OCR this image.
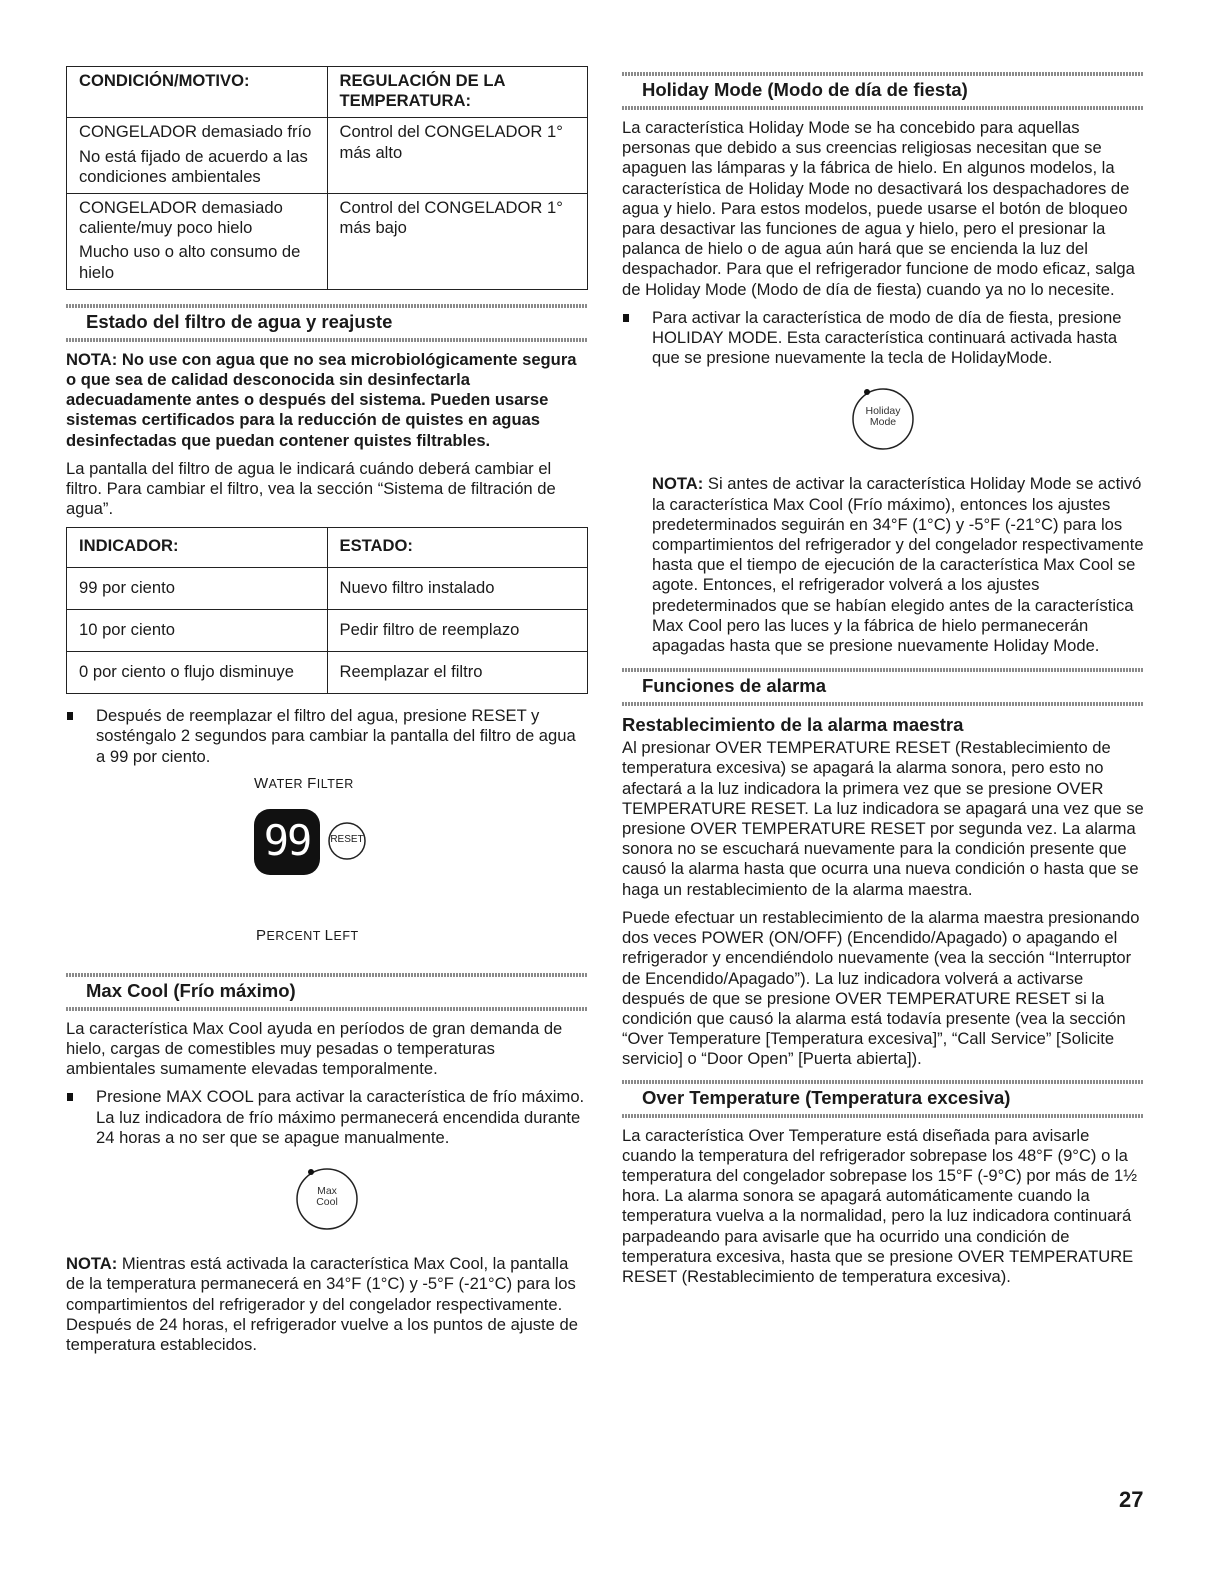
CONDICIÓN/MOTIVO:	REGULACIÓN DE LA TEMPERATURA:

CONGELADOR demasiado frío
No está fijado de acuerdo a las condiciones ambientales	Control del CONGELADOR 1° más alto

CONGELADOR demasiado caliente/muy poco hielo
Mucho uso o alto consumo de hielo	Control del CONGELADOR 1° más bajo
Estado del filtro de agua y reajuste

NOTA: No use con agua que no sea microbiológicamente segura o que sea de calidad desconocida sin desinfectarla adecuadamente antes o después del sistema. Pueden usarse sistemas certificados para la reducción de quistes en aguas desinfectadas que puedan contener quistes filtrables.

La pantalla del filtro de agua le indicará cuándo deberá cambiar el filtro. Para cambiar el filtro, vea la sección “Sistema de filtración de agua”.

INDICADOR:	ESTADO:
99 por ciento	Nuevo filtro instalado
10 por ciento	Pedir filtro de reemplazo
0 por ciento o flujo disminuye	Reemplazar el filtro
Después de reemplazar el filtro del agua, presione RESET y sosténgalo 2 segundos para cambiar la pantalla del filtro de agua a 99 por ciento.
WATER FILTER
99	RESET
PERCENT LEFT
Max Cool (Frío máximo)

La característica Max Cool ayuda en períodos de gran demanda de hielo, cargas de comestibles muy pesadas o temperaturas ambientales sumamente elevadas temporalmente.

Presione MAX COOL para activar la característica de frío máximo. La luz indicadora de frío máximo permanecerá encendida durante 24 horas a no ser que se apague manualmente.
Max
Cool

NOTA: Mientras está activada la característica Max Cool, la pantalla de la temperatura permanecerá en 34°F (1°C) y -5°F (-21°C) para los compartimientos del refrigerador y del congelador respectivamente. Después de 24 horas, el refrigerador vuelve a los puntos de ajuste de temperatura establecidos.

Holiday Mode (Modo de día de fiesta)

La característica Holiday Mode se ha concebido para aquellas personas que debido a sus creencias religiosas necesitan que se apaguen las lámparas y la fábrica de hielo. En algunos modelos, la característica de Holiday Mode no desactivará los despachadores de agua y hielo. Para estos modelos, puede usarse el botón de bloqueo para desactivar las funciones de agua y hielo, pero el presionar la palanca de hielo o de agua aún hará que se encienda la luz del despachador. Para que el refrigerador funcione de modo eficaz, salga de Holiday Mode (Modo de día de fiesta) cuando ya no lo necesite.

Para activar la característica de modo de día de fiesta, presione HOLIDAY MODE. Esta característica continuará activada hasta que se presione nuevamente la tecla de HolidayMode.
Holiday
Mode

NOTA: Si antes de activar la característica Holiday Mode se activó la característica Max Cool (Frío máximo), entonces los ajustes predeterminados seguirán en 34°F (1°C) y -5°F (-21°C) para los compartimientos del refrigerador y del congelador respectivamente hasta que el tiempo de ejecución de la característica Max Cool se agote. Entonces, el refrigerador volverá a los ajustes predeterminados que se habían elegido antes de la característica Max Cool pero las luces y la fábrica de hielo permanecerán apagadas hasta que se presione nuevamente Holiday Mode.

Funciones de alarma
Restablecimiento de la alarma maestra

Al presionar OVER TEMPERATURE RESET (Restablecimiento de temperatura excesiva) se apagará la alarma sonora, pero esto no afectará a la luz indicadora la primera vez que se presione OVER TEMPERATURE RESET. La luz indicadora se apagará una vez que se presione OVER TEMPERATURE RESET por segunda vez. La alarma sonora no se escuchará nuevamente para la condición presente que causó la alarma hasta que ocurra una nueva condición o hasta que se haga un restablecimiento de la alarma maestra.

Puede efectuar un restablecimiento de la alarma maestra presionando dos veces POWER (ON/OFF) (Encendido/Apagado) o apagando el refrigerador y encendiéndolo nuevamente (vea la sección “Interruptor de Encendido/Apagado”). La luz indicadora volverá a activarse después de que se presione OVER TEMPERATURE RESET si la condición que causó la alarma está todavía presente (vea la sección “Over Temperature [Temperatura excesiva]”, “Call Service” [Solicite servicio] o “Door Open” [Puerta abierta]).

Over Temperature (Temperatura excesiva)

La característica Over Temperature está diseñada para avisarle cuando la temperatura del refrigerador sobrepase los 48°F (9°C) o la temperatura del congelador sobrepase los 15°F (-9°C) por más de 1½ hora. La alarma sonora se apagará automáticamente cuando la temperatura vuelva a la normalidad, pero la luz indicadora continuará parpadeando para avisarle que ha ocurrido una condición de temperatura excesiva, hasta que se presione OVER TEMPERATURE RESET (Restablecimiento de temperatura excesiva).

27
